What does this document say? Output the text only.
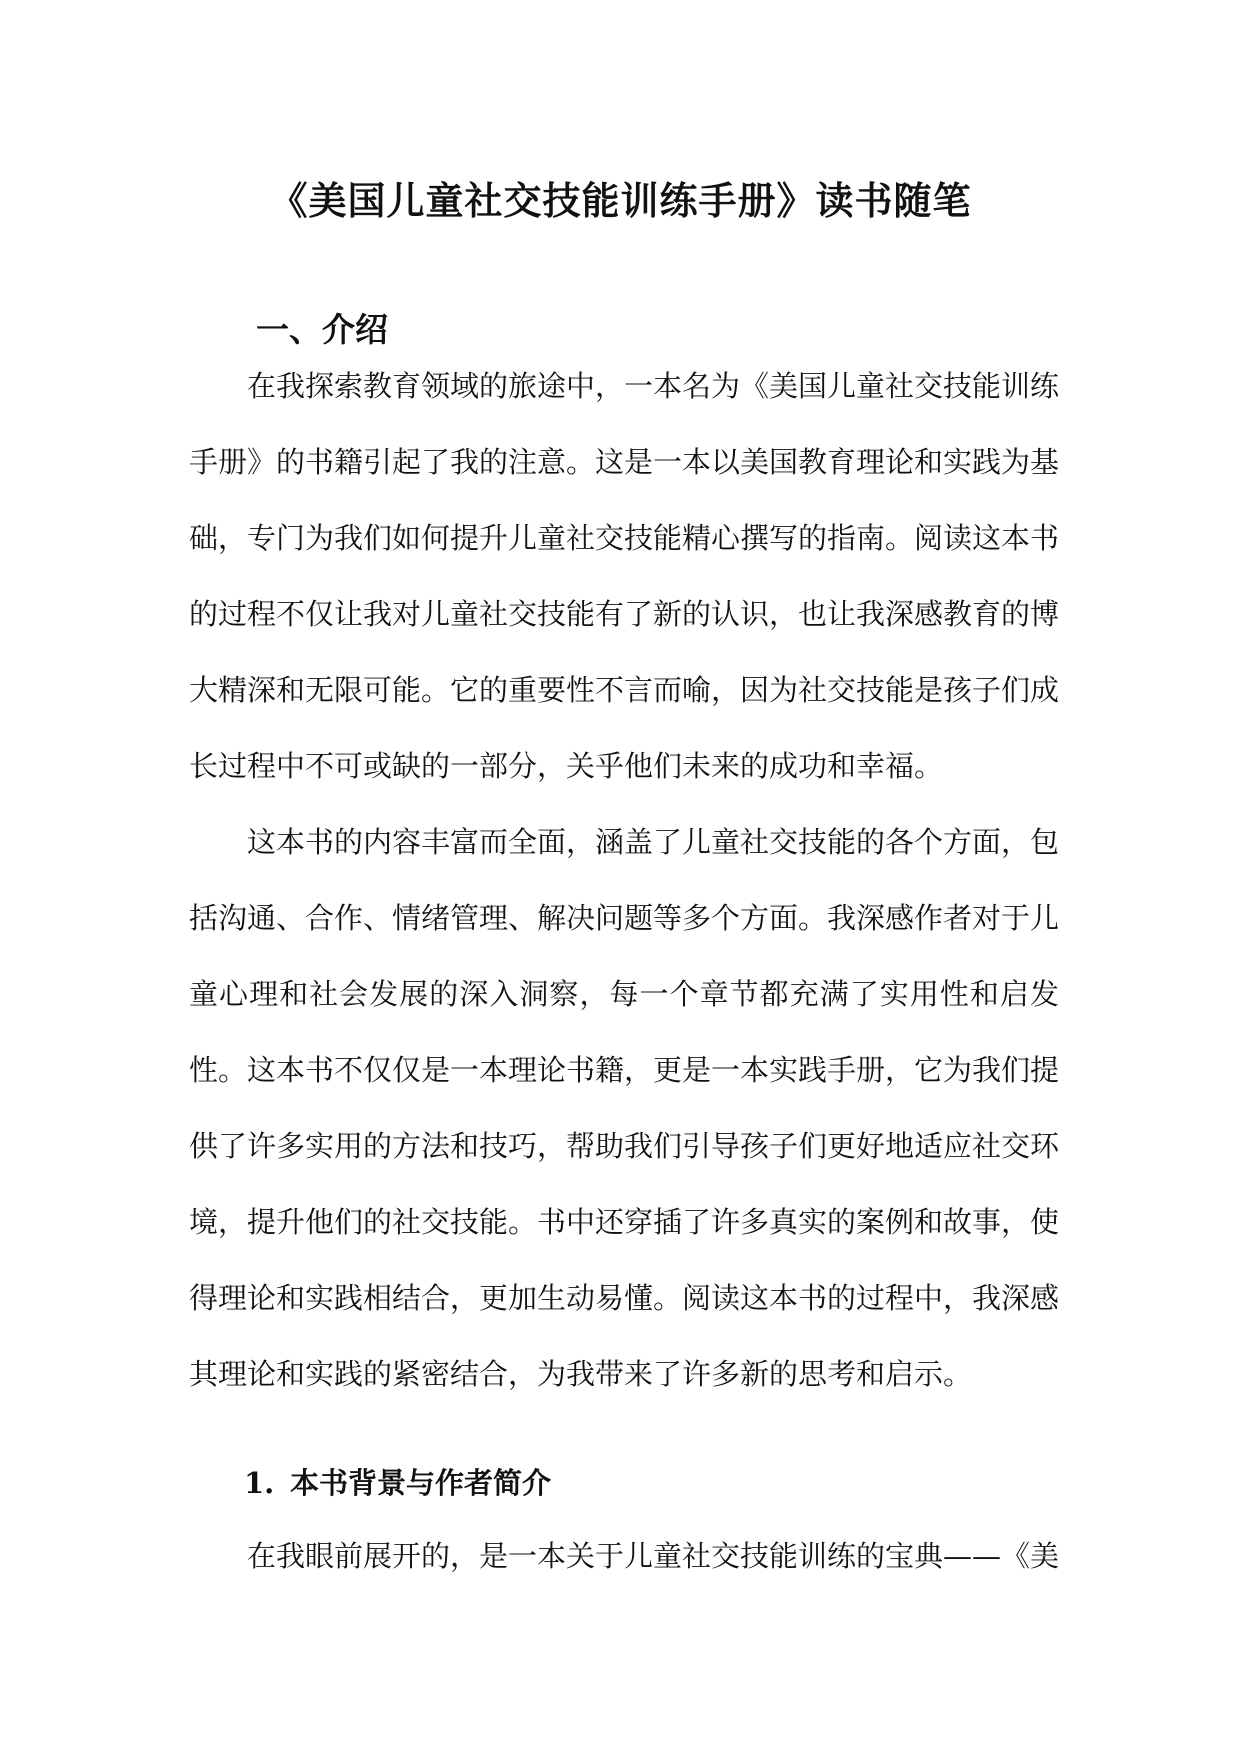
《美国儿童社交技能训练手册》读书随笔
一、介绍

在我探索教育领域的旅途中，一本名为《美国儿童社交技能训练手册》的书籍引起了我的注意。这是一本以美国教育理论和实践为基础，专门为我们如何提升儿童社交技能精心撰写的指南。阅读这本书的过程不仅让我对儿童社交技能有了新的认识，也让我深感教育的博大精深和无限可能。它的重要性不言而喻，因为社交技能是孩子们成长过程中不可或缺的一部分，关乎他们未来的成功和幸福。

这本书的内容丰富而全面，涵盖了儿童社交技能的各个方面，包括沟通、合作、情绪管理、解决问题等多个方面。我深感作者对于儿童心理和社会发展的深入洞察，每一个章节都充满了实用性和启发性。这本书不仅仅是一本理论书籍，更是一本实践手册，它为我们提供了许多实用的方法和技巧，帮助我们引导孩子们更好地适应社交环境，提升他们的社交技能。书中还穿插了许多真实的案例和故事，使得理论和实践相结合，更加生动易懂。阅读这本书的过程中，我深感其理论和实践的紧密结合，为我带来了许多新的思考和启示。

1. 本书背景与作者简介

在我眼前展开的，是一本关于儿童社交技能训练的宝典——《美
